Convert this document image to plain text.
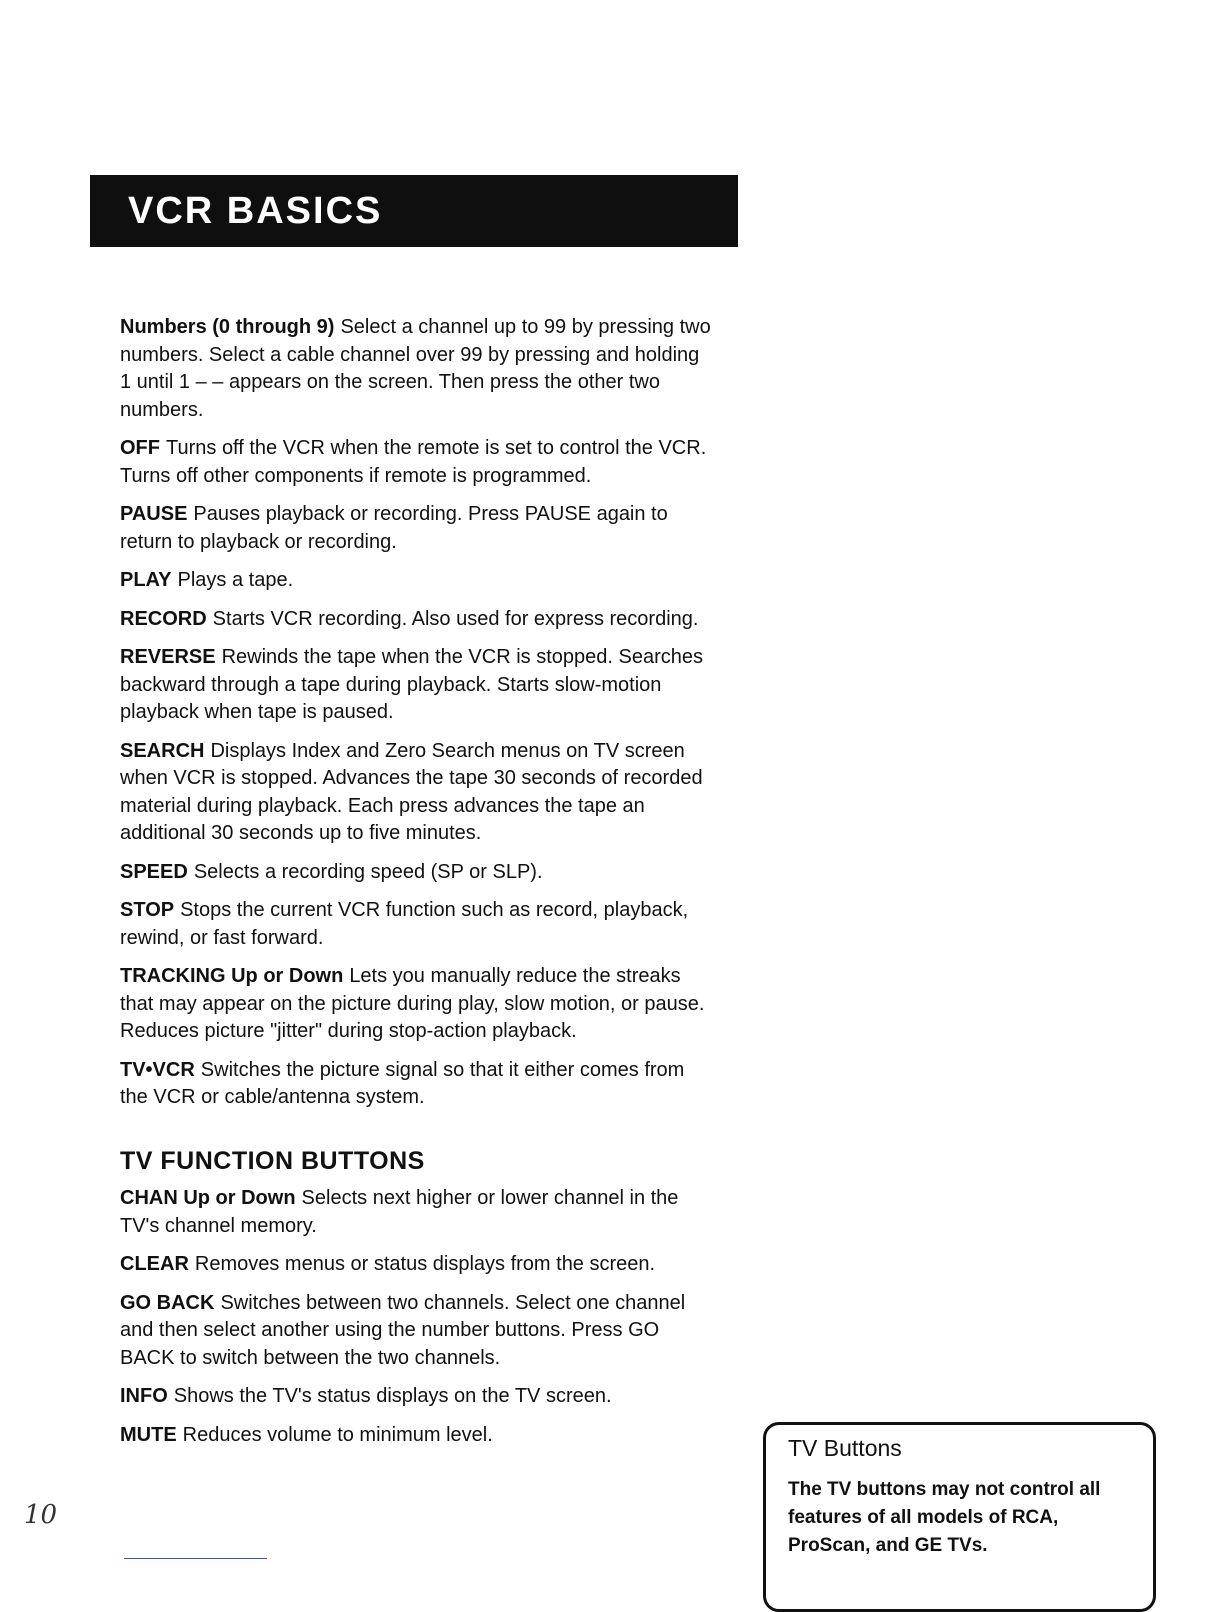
VCR BASICS

Numbers (0 through 9) Select a channel up to 99 by pressing two numbers. Select a cable channel over 99 by pressing and holding 1 until 1 – – appears on the screen. Then press the other two numbers.

OFF Turns off the VCR when the remote is set to control the VCR. Turns off other components if remote is programmed.

PAUSE Pauses playback or recording. Press PAUSE again to return to playback or recording.

PLAY Plays a tape.

RECORD Starts VCR recording. Also used for express recording.

REVERSE Rewinds the tape when the VCR is stopped. Searches backward through a tape during playback. Starts slow-motion playback when tape is paused.

SEARCH Displays Index and Zero Search menus on TV screen when VCR is stopped. Advances the tape 30 seconds of recorded material during playback. Each press advances the tape an additional 30 seconds up to five minutes.

SPEED Selects a recording speed (SP or SLP).

STOP Stops the current VCR function such as record, playback, rewind, or fast forward.

TRACKING Up or Down Lets you manually reduce the streaks that may appear on the picture during play, slow motion, or pause. Reduces picture "jitter" during stop-action playback.

TV•VCR Switches the picture signal so that it either comes from the VCR or cable/antenna system.

TV FUNCTION BUTTONS

CHAN Up or Down Selects next higher or lower channel in the TV's channel memory.

CLEAR Removes menus or status displays from the screen.

GO BACK Switches between two channels. Select one channel and then select another using the number buttons. Press GO BACK to switch between the two channels.

INFO Shows the TV's status displays on the TV screen.

MUTE Reduces volume to minimum level.

TV Buttons

The TV buttons may not control all features of all models of RCA, ProScan, and GE TVs.

10
